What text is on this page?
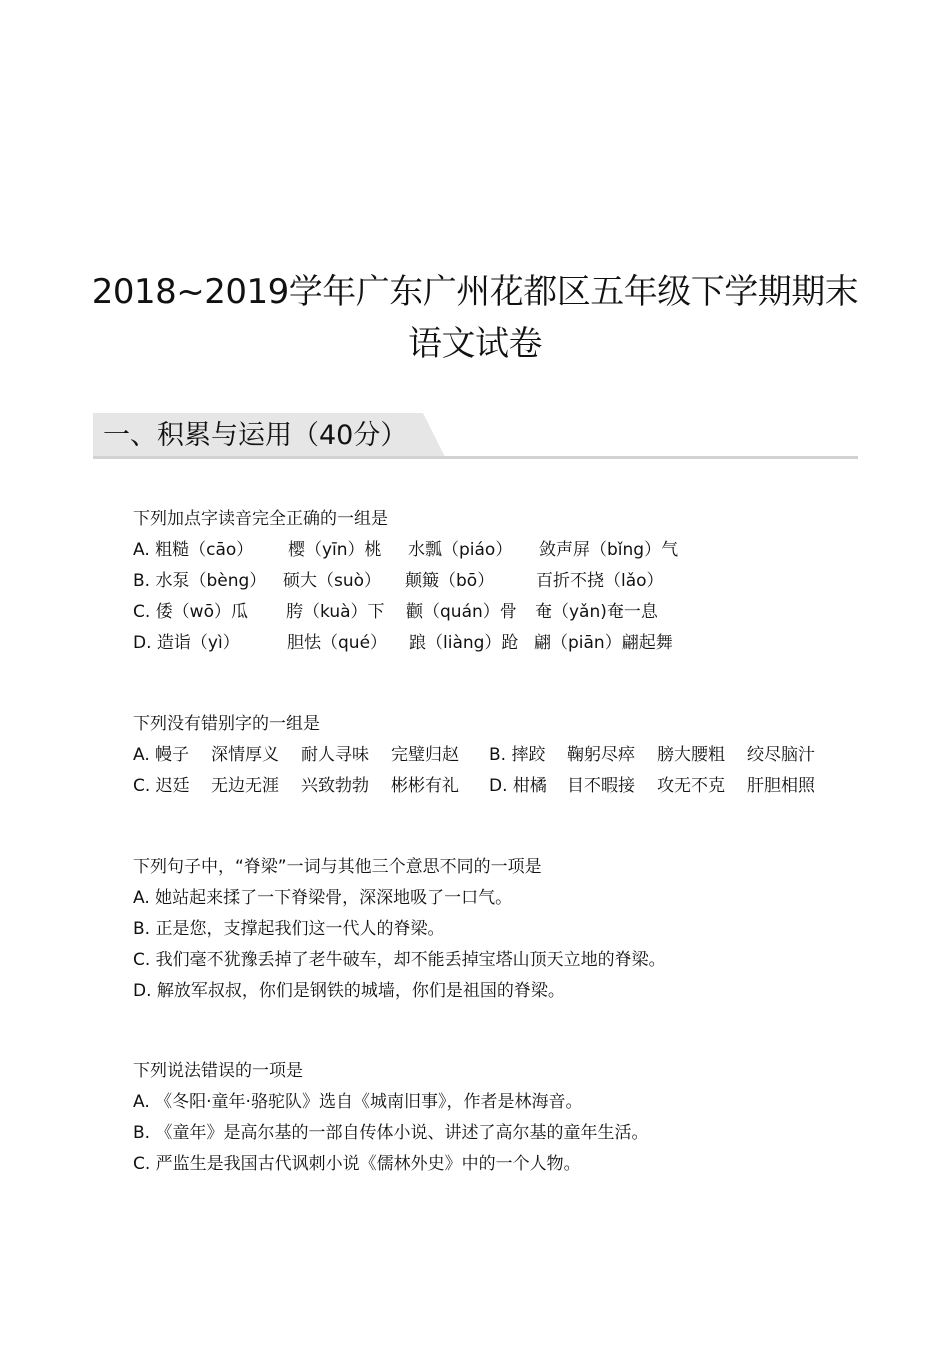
2018~2019学年广东广州花都区五年级下学期期末
语文试卷
一、积累与运用（40分）
下列加点字读音完全正确的一组是
A. 粗糙（cāo） 樱（yīn）桃 水瓢（piáo） 敛声屏（bǐng）气
B. 水泵（bèng） 硕大（suò） 颠簸（bō） 百折不挠（lǎo）
C. 倭（wō）瓜 胯（kuà）下 颧（quán）骨 奄（yǎn)奄一息
D. 造诣（yì）	胆怯（qué） 踉（liàng）跄 翩（piān）翩起舞
下列没有错别字的一组是
A. 幔子 深情厚义 耐人寻味 完璧归赵 B. 摔跤 鞠躬尽瘁 膀大腰粗 绞尽脑汁
C. 迟廷 无边无涯 兴致勃勃 彬彬有礼 D. 柑橘 目不暇接 攻无不克 肝胆相照
下列句子中，“脊梁”一词与其他三个意思不同的一项是
A. 她站起来揉了一下脊梁骨，深深地吸了一口气。
B. 正是您，支撑起我们这一代人的脊梁。
C. 我们毫不犹豫丢掉了老牛破车，却不能丢掉宝塔山顶天立地的脊梁。
D. 解放军叔叔，你们是钢铁的城墙，你们是祖国的脊梁。
下列说法错误的一项是
A. 《冬阳·童年·骆驼队》选自《城南旧事》，作者是林海音。
B. 《童年》是高尔基的一部自传体小说、讲述了高尔基的童年生活。
C. 严监生是我国古代讽刺小说《儒林外史》中的一个人物。
